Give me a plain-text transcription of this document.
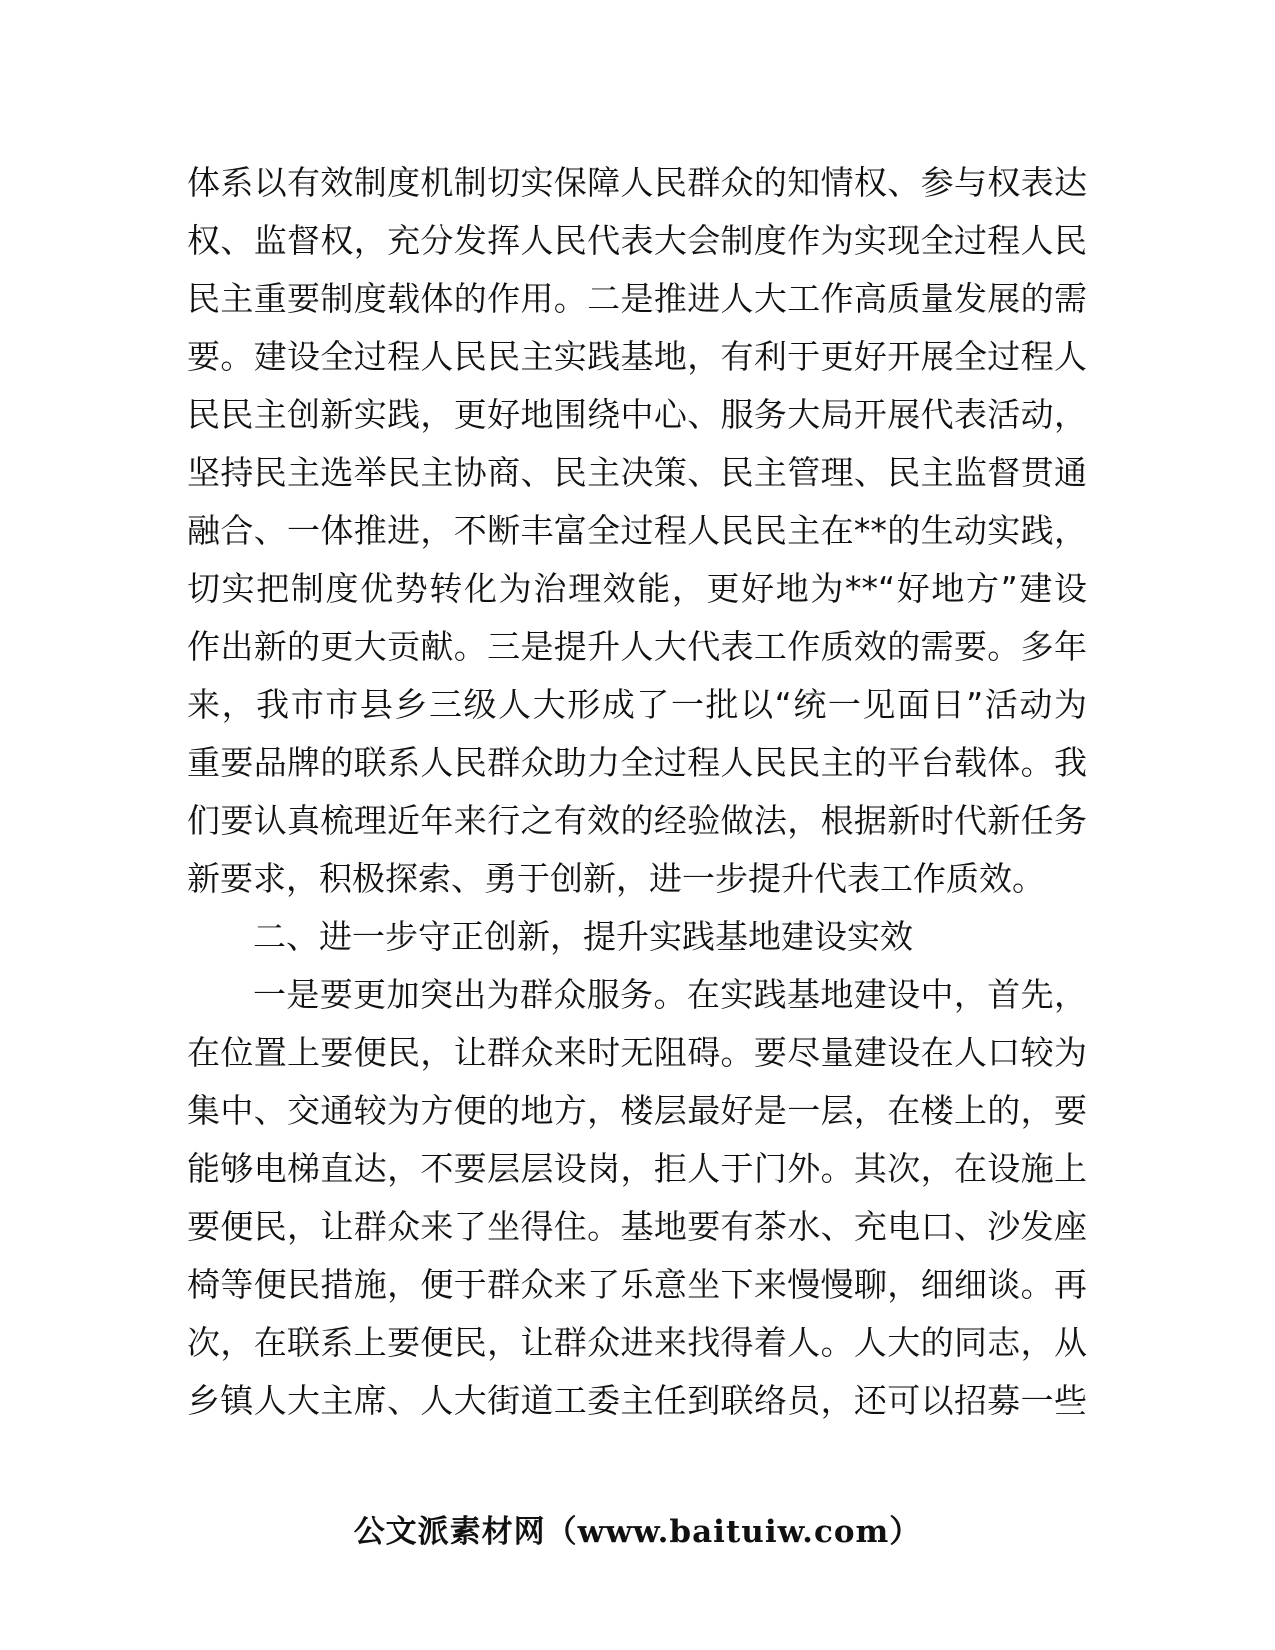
体系以有效制度机制切实保障人民群众的知情权、参与权表达
权、监督权，充分发挥人民代表大会制度作为实现全过程人民
民主重要制度载体的作用。二是推进人大工作高质量发展的需
要。建设全过程人民民主实践基地，有利于更好开展全过程人
民民主创新实践，更好地围绕中心、服务大局开展代表活动，
坚持民主选举民主协商、民主决策、民主管理、民主监督贯通
融合、一体推进，不断丰富全过程人民民主在**的生动实践，
切实把制度优势转化为治理效能，更好地为**“好地方”建设
作出新的更大贡献。三是提升人大代表工作质效的需要。多年
来，我市市县乡三级人大形成了一批以“统一见面日”活动为
重要品牌的联系人民群众助力全过程人民民主的平台载体。我
们要认真梳理近年来行之有效的经验做法，根据新时代新任务
新要求，积极探索、勇于创新，进一步提升代表工作质效。
二、进一步守正创新，提升实践基地建设实效
一是要更加突出为群众服务。在实践基地建设中，首先，
在位置上要便民，让群众来时无阻碍。要尽量建设在人口较为
集中、交通较为方便的地方，楼层最好是一层，在楼上的，要
能够电梯直达，不要层层设岗，拒人于门外。其次，在设施上
要便民，让群众来了坐得住。基地要有茶水、充电口、沙发座
椅等便民措施，便于群众来了乐意坐下来慢慢聊，细细谈。再
次，在联系上要便民，让群众进来找得着人。人大的同志，从
乡镇人大主席、人大街道工委主任到联络员，还可以招募一些
公文派素材网（www.baituiw.com）
